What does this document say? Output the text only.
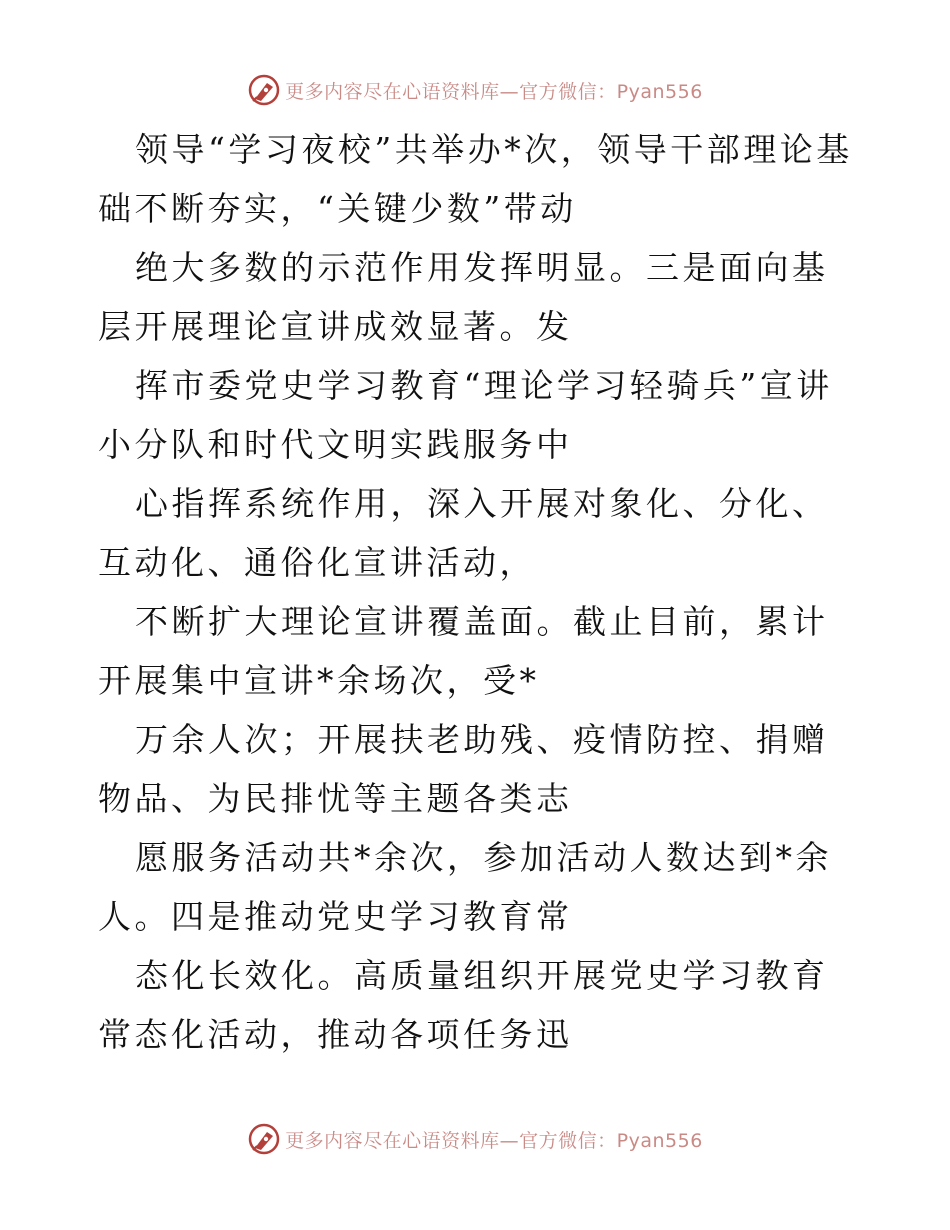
更多内容尽在心语资料库—官方微信：Pyan556

领导“学习夜校”共举办*次，领导干部理论基础不断夯实，“关键少数”带动

绝大多数的示范作用发挥明显。三是面向基层开展理论宣讲成效显著。发

挥市委党史学习教育“理论学习轻骑兵”宣讲小分队和时代文明实践服务中

心指挥系统作用，深入开展对象化、分化、互动化、通俗化宣讲活动，

不断扩大理论宣讲覆盖面。截止目前，累计开展集中宣讲*余场次，受*

万余人次；开展扶老助残、疫情防控、捐赠物品、为民排忧等主题各类志

愿服务活动共*余次，参加活动人数达到*余人。四是推动党史学习教育常

态化长效化。高质量组织开展党史学习教育常态化活动，推动各项任务迅

更多内容尽在心语资料库—官方微信：Pyan556
